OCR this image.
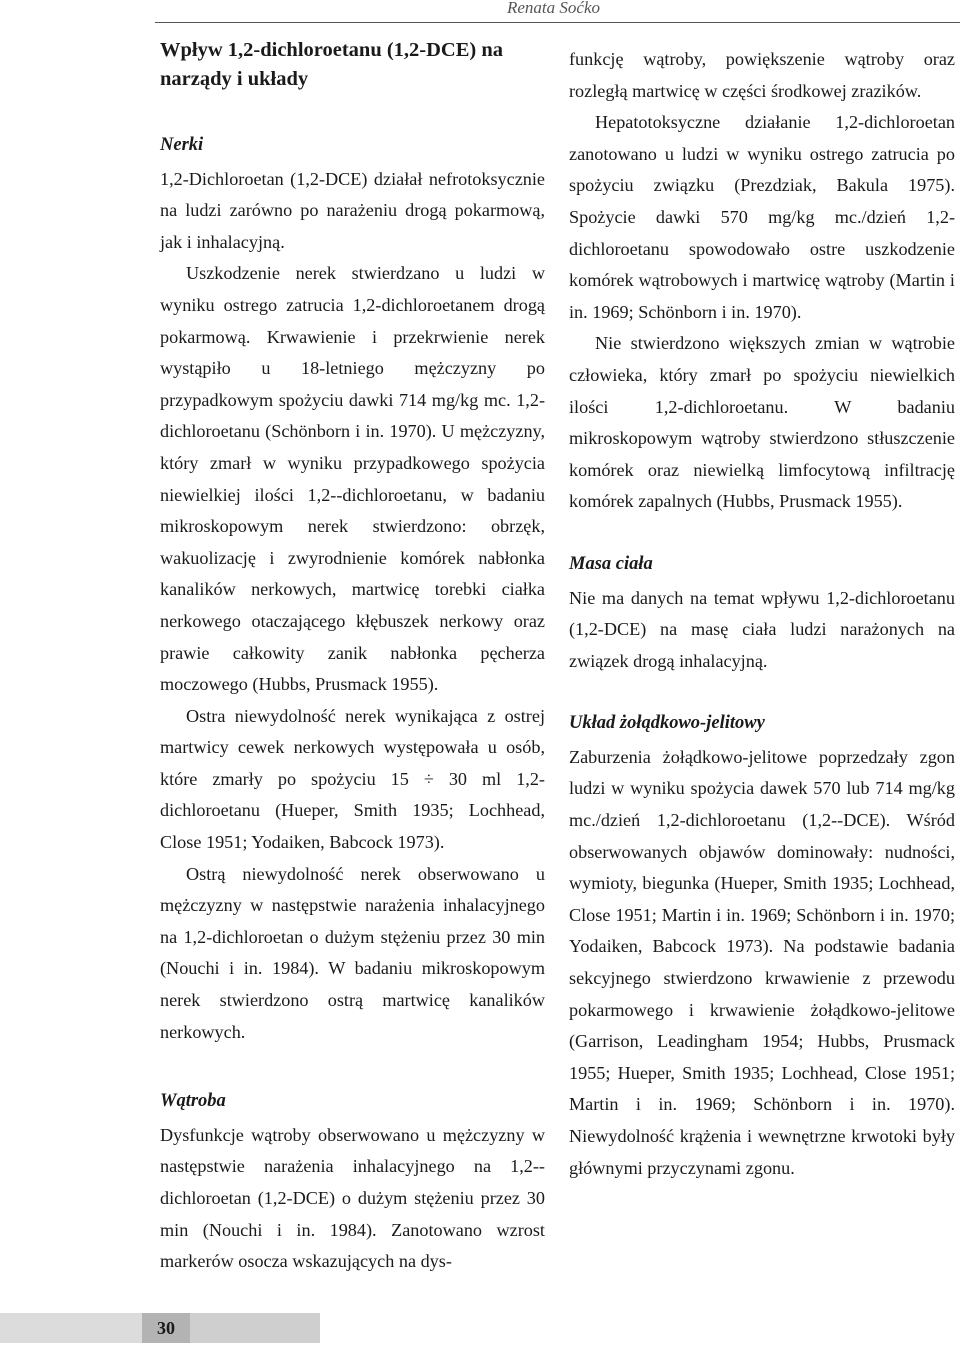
Renata Soćko
Wpływ 1,2-dichloroetanu (1,2-DCE) na narządy i układy
Nerki

1,2-Dichloroetan (1,2-DCE) działał nefrotoksycznie na ludzi zarówno po narażeniu drogą pokarmową, jak i inhalacyjną.

Uszkodzenie nerek stwierdzano u ludzi w wyniku ostrego zatrucia 1,2-dichloroetanem drogą pokarmową. Krwawienie i przekrwienie nerek wystąpiło u 18-letniego mężczyzny po przypadkowym spożyciu dawki 714 mg/kg mc. 1,2-dichloroetanu (Schönborn i in. 1970). U mężczyzny, który zmarł w wyniku przypadkowego spożycia niewielkiej ilości 1,2--dichloroetanu, w badaniu mikroskopowym nerek stwierdzono: obrzęk, wakuolizację i zwyrodnienie komórek nabłonka kanalików nerkowych, martwicę torebki ciałka nerkowego otaczającego kłębuszek nerkowy oraz prawie całkowity zanik nabłonka pęcherza moczowego (Hubbs, Prusmack 1955).

Ostra niewydolność nerek wynikająca z ostrej martwicy cewek nerkowych występowała u osób, które zmarły po spożyciu 15 ÷ 30 ml 1,2-dichloroetanu (Hueper, Smith 1935; Lochhead, Close 1951; Yodaiken, Babcock 1973).

Ostrą niewydolność nerek obserwowano u mężczyzny w następstwie narażenia inhalacyjnego na 1,2-dichloroetan o dużym stężeniu przez 30 min (Nouchi i in. 1984). W badaniu mikroskopowym nerek stwierdzono ostrą martwicę kanalików nerkowych.

Wątroba

Dysfunkcje wątroby obserwowano u mężczyzny w następstwie narażenia inhalacyjnego na 1,2--dichloroetan (1,2-DCE) o dużym stężeniu przez 30 min (Nouchi i in. 1984). Zanotowano wzrost markerów osocza wskazujących na dys-

funkcję wątroby, powiększenie wątroby oraz rozległą martwicę w części środkowej zrazików.

Hepatotoksyczne działanie 1,2-dichloroetan zanotowano u ludzi w wyniku ostrego zatrucia po spożyciu związku (Prezdziak, Bakula 1975). Spożycie dawki 570 mg/kg mc./dzień 1,2-dichloroetanu spowodowało ostre uszkodzenie komórek wątrobowych i martwicę wątroby (Martin i in. 1969; Schönborn i in. 1970).

Nie stwierdzono większych zmian w wątrobie człowieka, który zmarł po spożyciu niewielkich ilości 1,2-dichloroetanu. W badaniu mikroskopowym wątroby stwierdzono stłuszczenie komórek oraz niewielką limfocytową infiltrację komórek zapalnych (Hubbs, Prusmack 1955).

Masa ciała

Nie ma danych na temat wpływu 1,2-dichloroetanu (1,2-DCE) na masę ciała ludzi narażonych na związek drogą inhalacyjną.

Układ żołądkowo-jelitowy

Zaburzenia żołądkowo-jelitowe poprzedzały zgon ludzi w wyniku spożycia dawek 570 lub 714 mg/kg mc./dzień 1,2-dichloroetanu (1,2--DCE). Wśród obserwowanych objawów dominowały: nudności, wymioty, biegunka (Hueper, Smith 1935; Lochhead, Close 1951; Martin i in. 1969; Schönborn i in. 1970; Yodaiken, Babcock 1973). Na podstawie badania sekcyjnego stwierdzono krwawienie z przewodu pokarmowego i krwawienie żołądkowo-jelitowe (Garrison, Leadingham 1954; Hubbs, Prusmack 1955; Hueper, Smith 1935; Lochhead, Close 1951; Martin i in. 1969; Schönborn i in. 1970). Niewydolność krążenia i wewnętrzne krwotoki były głównymi przyczynami zgonu.

30
